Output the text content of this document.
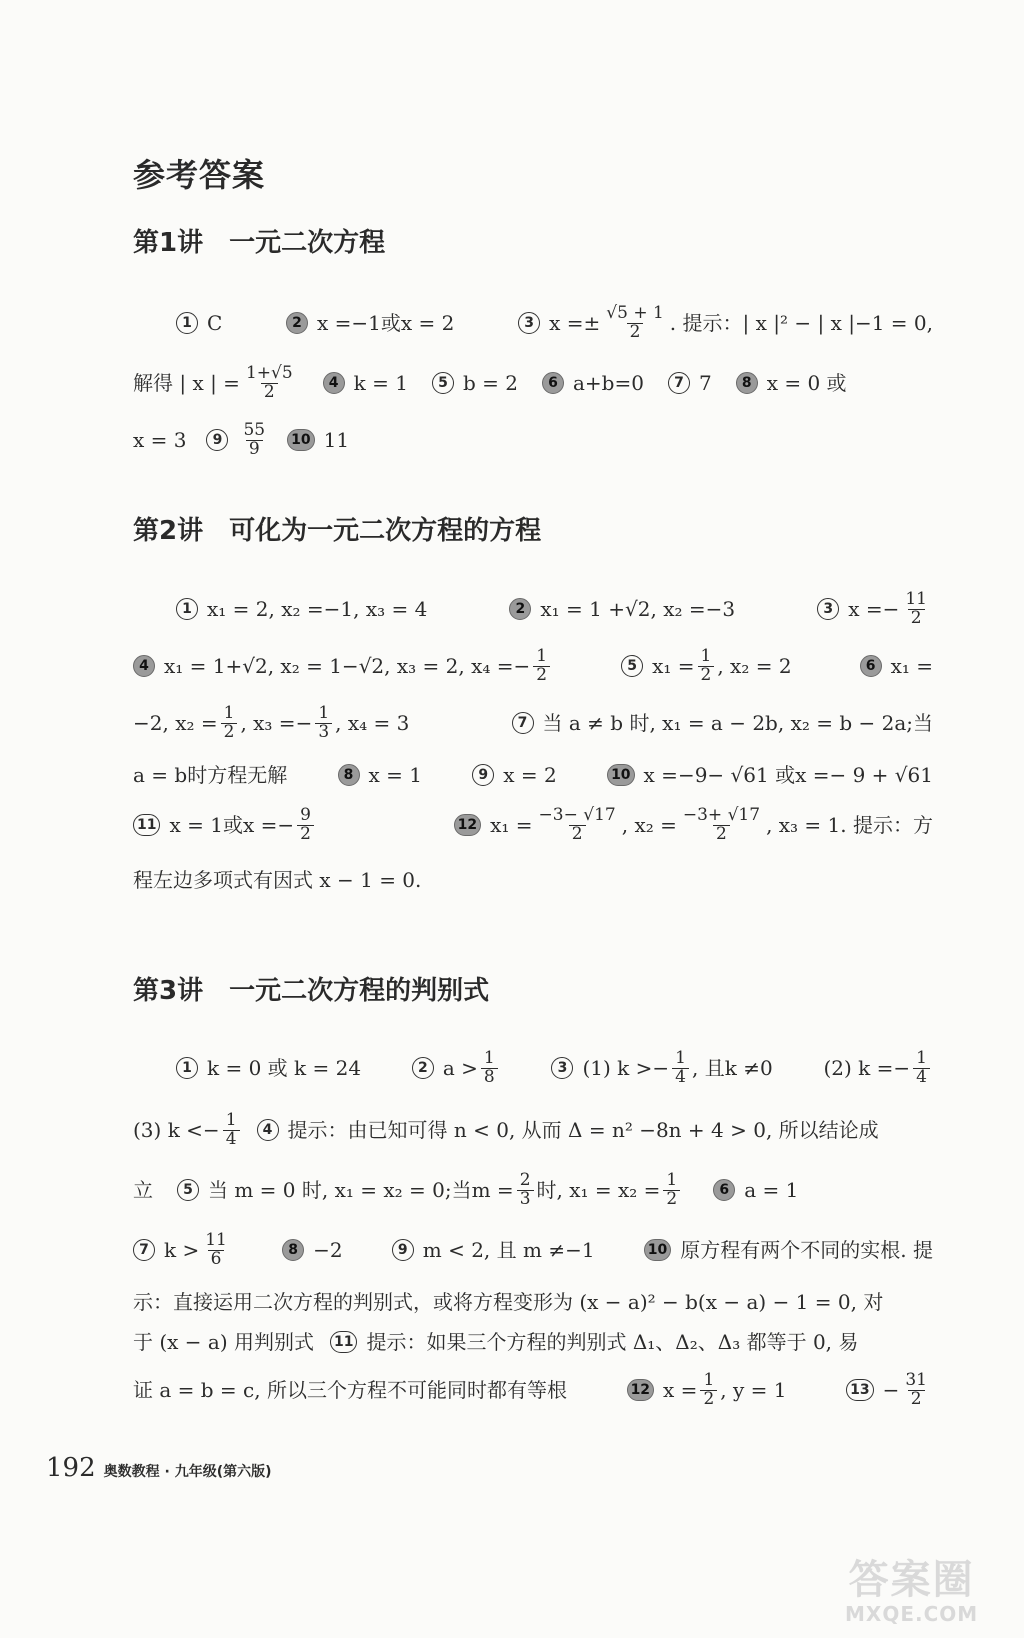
参考答案
第1讲 一元二次方程
1 C	2 x =−1或x = 2	3 $x =\pm \frac{√5 + 1}{2}$ . 提示：| x |² − | x |−1 = 0,
解得 | x | = $\frac{1+√5}{2}$	4 k = 1	5 b = 2	6 a+b=0	7 7	8 x = 0 或
x = 3	9	$\frac{55}{9} 10$ 11
第2讲 可化为一元二次方程的方程
1 x₁ = 2, x₂ =−1, x₃ = 4	2 x₁ = 1 +√2, x₂ =−3	3 $x =- \frac{11}{2}$
4 x₁ = 1+√2, x₂ = 1−√2, x₃ = 2, $x_4 =- \frac{1}{2}$	5 $x_1 = \frac{1}{2}$ , x₂ = 2	6 x₁ =
−2, $x_2 = \frac{1}{2}$ , $x_3 =- \frac{1}{3}$ , x₄ = 3	7 当 a ≠ b 时, x₁ = a − 2b, x₂ = b − 2a;当
a = b时方程无解	8 x = 1	9 x = 2	10 x =−9− √61 或x =− 9 + √61
11 x = 1或$x =- \frac{9}{2}$	12 $x_1 = \frac{-3- √17}{2}$ , $x_2 = \frac{-3+ √17}{2}$ , x₃ = 1. 提示：方
程左边多项式有因式 x − 1 = 0.
第3讲 一元二次方程的判别式
1 k = 0 或 k = 24	2 $a > \frac{1}{8}$	3 (1) $k >- \frac{1}{4}$ , 且k ≠0	(2) $k =- \frac{1}{4}$
(3) $k <- \frac{1}{4}$	4 提示：由已知可得 n < 0, 从而 Δ = n² −8n + 4 > 0, 所以结论成
立	5 当 m = 0 时, x₁ = x₂ = 0;当$m = \frac{2}{3}$ 时, $x_1 = x_2 = \frac{1}{2}$	6 a = 1
7 $k > \frac{11}{6}$	8 −2	9 m < 2, 且 m ≠−1	10 原方程有两个不同的实根. 提
示：直接运用二次方程的判别式，或将方程变形为 (x − a)² − b(x − a) − 1 = 0, 对
于 (x − a) 用判别式 11 提示：如果三个方程的判别式 Δ₁、Δ₂、Δ₃ 都等于 0, 易
证 a = b = c, 所以三个方程不可能同时都有等根	12 $x = \frac{1}{2}$ , y = 1	$13 - \frac{31}{2}$
192 奥数教程 · 九年级(第六版)
答案圈
MXQE.COM
